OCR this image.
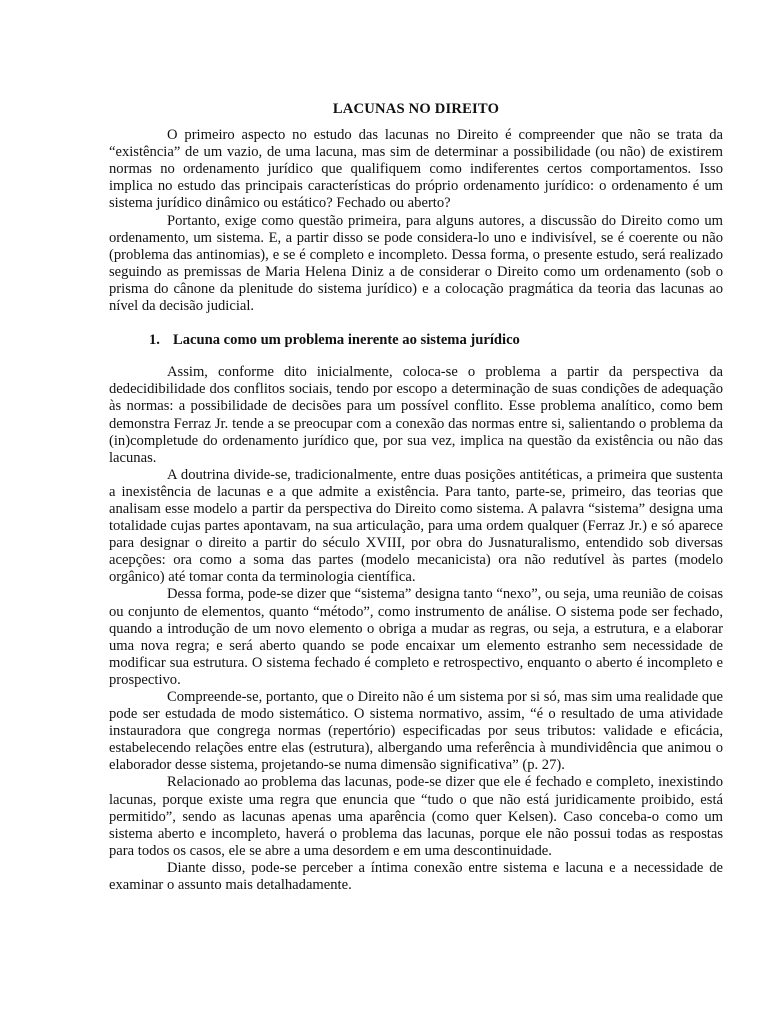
LACUNAS NO DIREITO

O primeiro aspecto no estudo das lacunas no Direito é compreender que não se trata da “existência” de um vazio, de uma lacuna, mas sim de determinar a possibilidade (ou não) de existirem normas no ordenamento jurídico que qualifiquem como indiferentes certos comportamentos. Isso implica no estudo das principais características do próprio ordenamento jurídico: o ordenamento é um sistema jurídico dinâmico ou estático? Fechado ou aberto?

Portanto, exige como questão primeira, para alguns autores, a discussão do Direito como um ordenamento, um sistema. E, a partir disso se pode considera-lo uno e indivisível, se é coerente ou não (problema das antinomias), e se é completo e incompleto. Dessa forma, o presente estudo, será realizado seguindo as premissas de Maria Helena Diniz a de considerar o Direito como um ordenamento (sob o prisma do cânone da plenitude do sistema jurídico) e a colocação pragmática da teoria das lacunas ao nível da decisão judicial.

1. Lacuna como um problema inerente ao sistema jurídico

Assim, conforme dito inicialmente, coloca-se o problema a partir da perspectiva da dedecidibilidade dos conflitos sociais, tendo por escopo a determinação de suas condições de adequação às normas: a possibilidade de decisões para um possível conflito. Esse problema analítico, como bem demonstra Ferraz Jr. tende a se preocupar com a conexão das normas entre si, salientando o problema da (in)completude do ordenamento jurídico que, por sua vez, implica na questão da existência ou não das lacunas.

A doutrina divide-se, tradicionalmente, entre duas posições antitéticas, a primeira que sustenta a inexistência de lacunas e a que admite a existência. Para tanto, parte-se, primeiro, das teorias que analisam esse modelo a partir da perspectiva do Direito como sistema. A palavra “sistema” designa uma totalidade cujas partes apontavam, na sua articulação, para uma ordem qualquer (Ferraz Jr.) e só aparece para designar o direito a partir do século XVIII, por obra do Jusnaturalismo, entendido sob diversas acepções: ora como a soma das partes (modelo mecanicista) ora não redutível às partes (modelo orgânico) até tomar conta da terminologia científica.

Dessa forma, pode-se dizer que “sistema” designa tanto “nexo”, ou seja, uma reunião de coisas ou conjunto de elementos, quanto “método”, como instrumento de análise. O sistema pode ser fechado, quando a introdução de um novo elemento o obriga a mudar as regras, ou seja, a estrutura, e a elaborar uma nova regra; e será aberto quando se pode encaixar um elemento estranho sem necessidade de modificar sua estrutura. O sistema fechado é completo e retrospectivo, enquanto o aberto é incompleto e prospectivo.

Compreende-se, portanto, que o Direito não é um sistema por si só, mas sim uma realidade que pode ser estudada de modo sistemático. O sistema normativo, assim, “é o resultado de uma atividade instauradora que congrega normas (repertório) especificadas por seus tributos: validade e eficácia, estabelecendo relações entre elas (estrutura), albergando uma referência à mundividência que animou o elaborador desse sistema, projetando-se numa dimensão significativa” (p. 27).

Relacionado ao problema das lacunas, pode-se dizer que ele é fechado e completo, inexistindo lacunas, porque existe uma regra que enuncia que “tudo o que não está juridicamente proibido, está permitido”, sendo as lacunas apenas uma aparência (como quer Kelsen). Caso conceba-o como um sistema aberto e incompleto, haverá o problema das lacunas, porque ele não possui todas as respostas para todos os casos, ele se abre a uma desordem e em uma descontinuidade.

Diante disso, pode-se perceber a íntima conexão entre sistema e lacuna e a necessidade de examinar o assunto mais detalhadamente.
